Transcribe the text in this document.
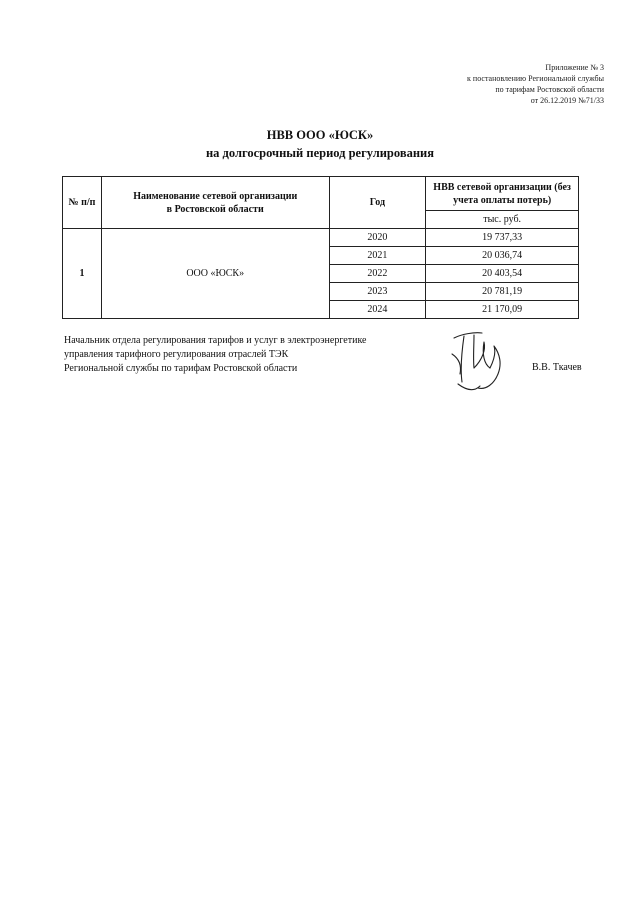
Приложение № 3
к постановлению Региональной службы
по тарифам Ростовской области
от 26.12.2019 №71/33
НВВ ООО «ЮСК»
на долгосрочный период регулирования
№ п/п	Наименование сетевой организации в Ростовской области	Год	НВВ сетевой организации (без учета оплаты потерь)
			тыс. руб.
1	ООО «ЮСК»	2020	19 737,33
		2021	20 036,74
		2022	20 403,54
		2023	20 781,19
		2024	21 170,09
Начальник отдела регулирования тарифов и услуг в электроэнергетике
управления тарифного регулирования отраслей ТЭК
Региональной службы по тарифам Ростовской области	В.В. Ткачев
